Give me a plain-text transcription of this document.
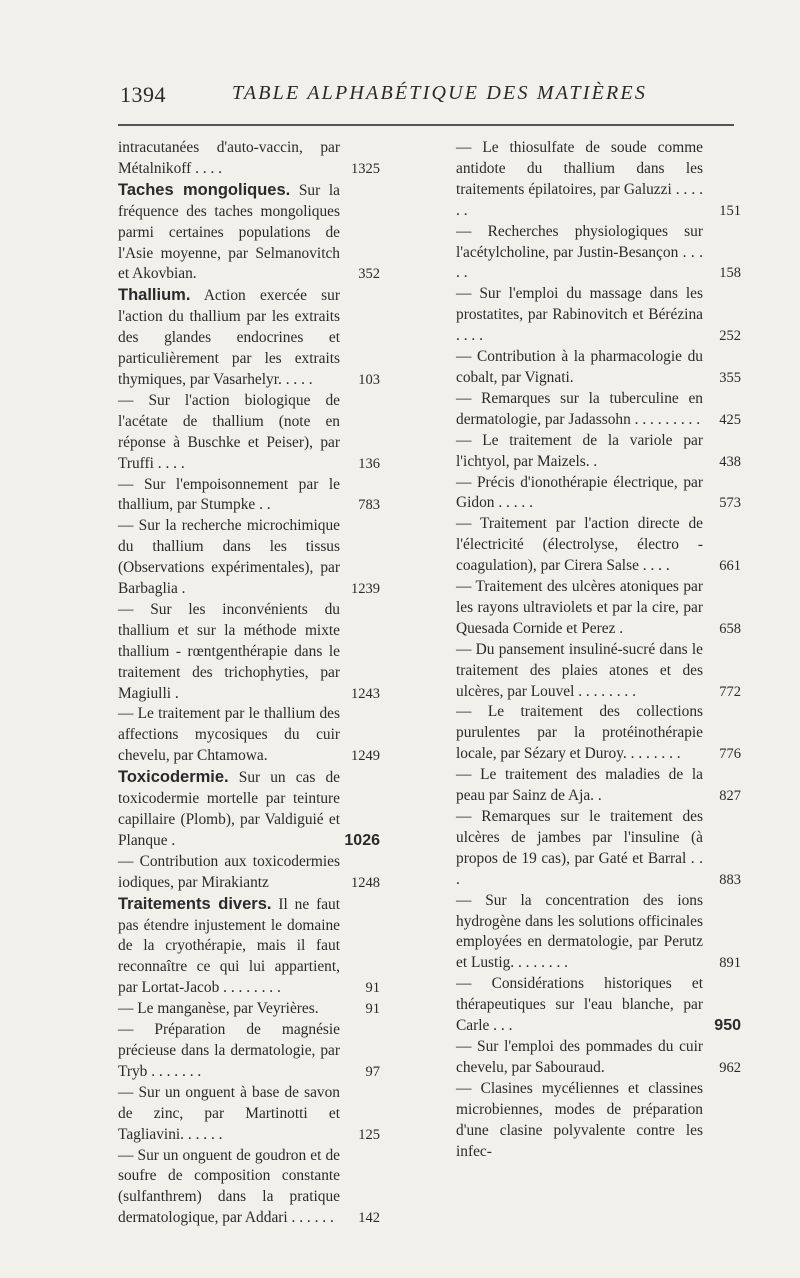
1394	TABLE ALPHABÉTIQUE DES MATIÈRES
intracutanées d'auto-vaccin, par Métalnikoff . . . .	1325
Taches mongoliques. Sur la fréquence des taches mongoliques parmi certaines populations de l'Asie moyenne, par Selmanovitch et Akovbian.	352
Thallium. Action exercée sur l'action du thallium par les extraits des glandes endocrines et particulièrement par les extraits thymiques, par Vasarhelyr. . . . .	103
— Sur l'action biologique de l'acétate de thallium (note en réponse à Buschke et Peiser), par Truffi . . . .	136
— Sur l'empoisonnement par le thallium, par Stumpke . .	783
— Sur la recherche microchimique du thallium dans les tissus (Observations expérimentales), par Barbaglia .	1239
— Sur les inconvénients du thallium et sur la méthode mixte thallium - rœntgenthérapie dans le traitement des trichophyties, par Magiulli .	1243
— Le traitement par le thallium des affections mycosiques du cuir chevelu, par Chtamowa.	1249
Toxicodermie. Sur un cas de toxicodermie mortelle par teinture capillaire (Plomb), par Valdiguié et Planque .	1026
— Contribution aux toxicodermies iodiques, par Mirakiantz	1248
Traitements divers. Il ne faut pas étendre injustement le domaine de la cryothérapie, mais il faut reconnaître ce qui lui appartient, par Lortat-Jacob . . . . . . . .	91
— Le manganèse, par Veyrières.	91
— Préparation de magnésie précieuse dans la dermatologie, par Tryb . . . . . . .	97
— Sur un onguent à base de savon de zinc, par Martinotti et Tagliavini. . . . . .	125
— Sur un onguent de goudron et de soufre de composition constante (sulfanthrem) dans la pratique dermatologique, par Addari . . . . . .	142
— Le thiosulfate de soude comme antidote du thallium dans les traitements épilatoires, par Galuzzi . . . . . .	151
— Recherches physiologiques sur l'acétylcholine, par Justin-Besançon . . . . .	158
— Sur l'emploi du massage dans les prostatites, par Rabinovitch et Bérézina . . . .	252
— Contribution à la pharmacologie du cobalt, par Vignati.	355
— Remarques sur la tuberculine en dermatologie, par Jadassohn . . . . . . . . .	425
— Le traitement de la variole par l'ichtyol, par Maizels. .	438
— Précis d'ionothérapie électrique, par Gidon . . . . .	573
— Traitement par l'action directe de l'électricité (électrolyse, électro - coagulation), par Cirera Salse . . . .	661
— Traitement des ulcères atoniques par les rayons ultraviolets et par la cire, par Quesada Cornide et Perez .	658
— Du pansement insuliné-sucré dans le traitement des plaies atones et des ulcères, par Louvel . . . . . . . .	772
— Le traitement des collections purulentes par la protéinothérapie locale, par Sézary et Duroy. . . . . . . .	776
— Le traitement des maladies de la peau par Sainz de Aja. .	827
— Remarques sur le traitement des ulcères de jambes par l'insuline (à propos de 19 cas), par Gaté et Barral . . .	883
— Sur la concentration des ions hydrogène dans les solutions officinales employées en dermatologie, par Perutz et Lustig. . . . . . . .	891
— Considérations historiques et thérapeutiques sur l'eau blanche, par Carle . . .	950
— Sur l'emploi des pommades du cuir chevelu, par Sabouraud.	962
— Clasines mycéliennes et classines microbiennes, modes de préparation d'une clasine polyvalente contre les infec-
